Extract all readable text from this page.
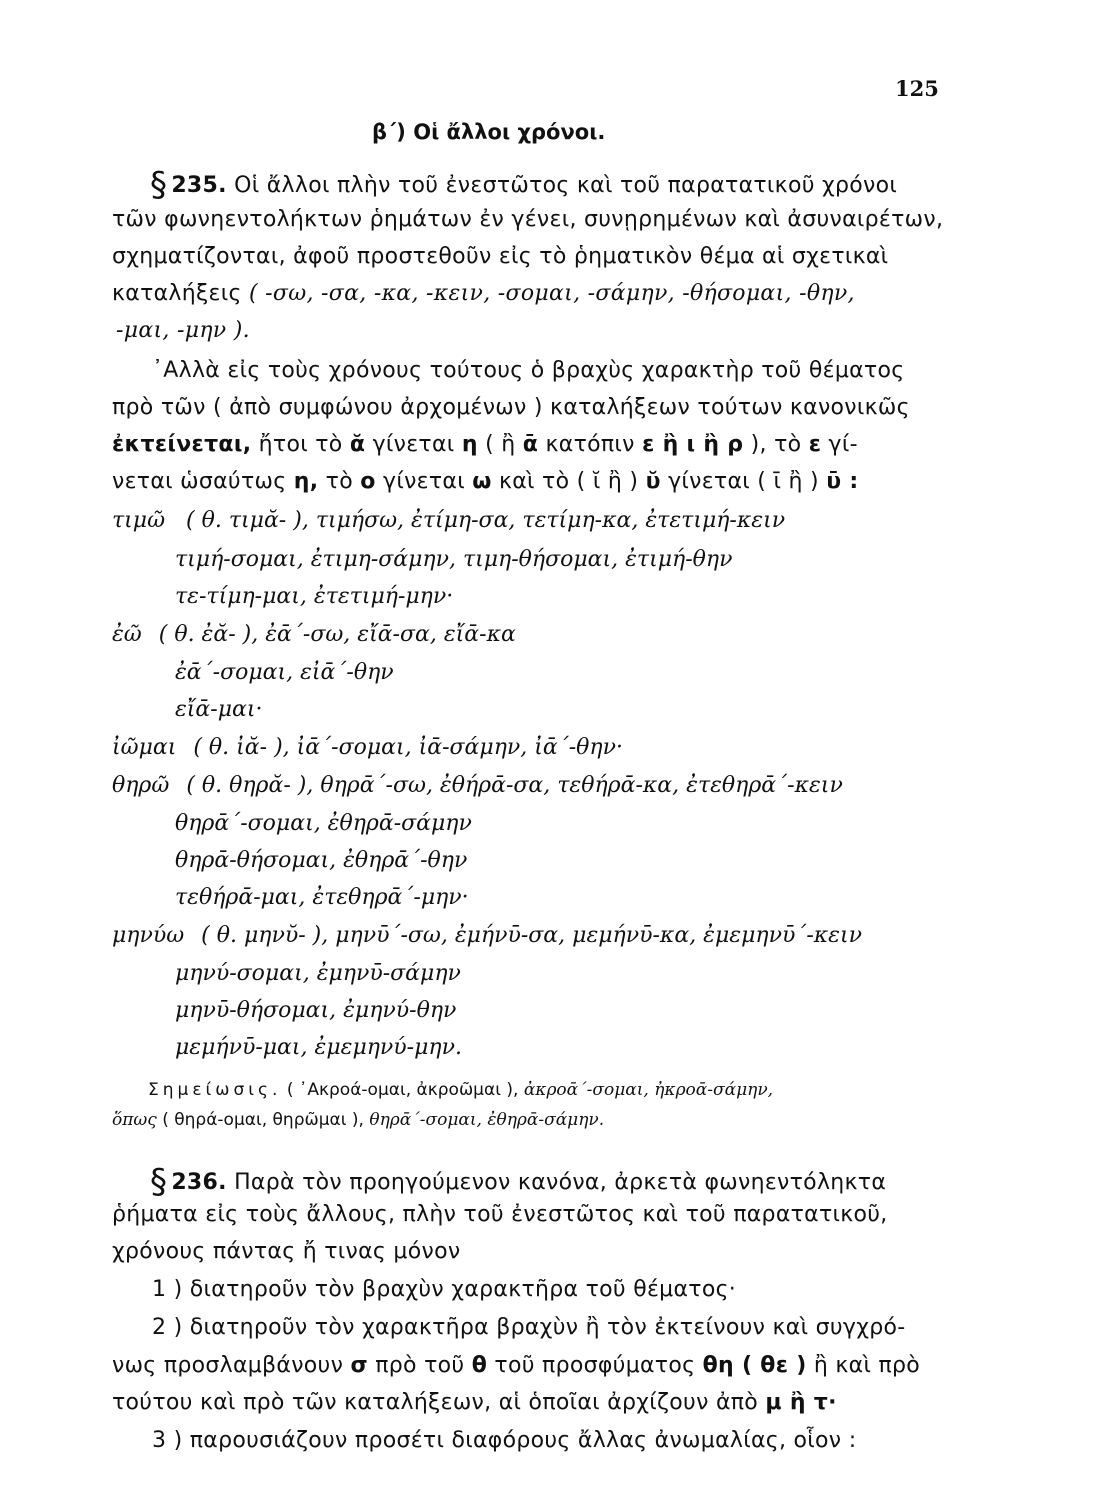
125
β΄) Οἱ ἄλλοι χρόνοι.
§ 235. Οἱ ἄλλοι πλὴν τοῦ ἐνεστῶτος καὶ τοῦ παρατατικοῦ χρόνοι
τῶν φωνηεντολήκτων ῥημάτων ἐν γένει, συνῃρημένων καὶ ἀσυναιρέτων,
σχηματίζονται, ἀφοῦ προστεθοῦν εἰς τὸ ῥηματικὸν θέμα αἱ σχετικαὶ
καταλήξεις ( -σω, -σα, -κα, -κειν, -σομαι, -σάμην, -θήσομαι, -θην,
-μαι, -μην ).
᾿Αλλὰ εἰς τοὺς χρόνους τούτους ὁ βραχὺς χαρακτὴρ τοῦ θέματος
πρὸ τῶν ( ἀπὸ συμφώνου ἀρχομένων ) καταλήξεων τούτων κανονικῶς
ἐκτείνεται, ἤτοι τὸ ᾰ γίνεται η ( ἢ ᾱ κατόπιν ε ἢ ι ἢ ρ ), τὸ ε γί-
νεται ὡσαύτως η, τὸ ο γίνεται ω καὶ τὸ ( ῐ ἢ ) ῠ γίνεται ( ῑ ἢ ) ῡ :
τιμῶ ( θ. τιμᾰ- ), τιμήσω, ἐτίμη-σα, τετίμη-κα, ἐτετιμή-κειν
τιμή-σομαι, ἐτιμη-σάμην, τιμη-θήσομαι, ἐτιμή-θην
τε-τίμη-μαι, ἐτετιμή-μην·
ἐῶ ( θ. ἐᾰ- ), ἐᾱ΄-σω, εἴᾱ-σα, εἴᾱ-κα
ἐᾱ΄-σομαι, εἰᾱ΄-θην
εἴᾱ-μαι·
ἰῶμαι ( θ. ἰᾰ- ), ἰᾱ΄-σομαι, ἰᾱ-σάμην, ἰᾱ΄-θην·
θηρῶ ( θ. θηρᾰ- ), θηρᾱ΄-σω, ἐθήρᾱ-σα, τεθήρᾱ-κα, ἐτεθηρᾱ΄-κειν
θηρᾱ΄-σομαι, ἐθηρᾱ-σάμην
θηρᾱ-θήσομαι, ἐθηρᾱ΄-θην
τεθήρᾱ-μαι, ἐτεθηρᾱ΄-μην·
μηνύω ( θ. μηνῠ- ), μηνῡ΄-σω, ἐμήνῡ-σα, μεμήνῡ-κα, ἐμεμηνῡ΄-κειν
μηνύ-σομαι, ἐμηνῡ-σάμην
μηνῡ-θήσομαι, ἐμηνύ-θην
μεμήνῡ-μαι, ἐμεμηνύ-μην.
Σημείωσις. ( ᾽Ακροά-ομαι, ἀκροῶμαι ), ἀκροᾱ΄-σομαι, ἠκροᾱ-σάμην,
ὅπως ( θηρά-ομαι, θηρῶμαι ), θηρᾱ΄-σομαι, ἐθηρᾱ-σάμην.
§ 236. Παρὰ τὸν προηγούμενον κανόνα, ἀρκετὰ φωνηεντόληκτα
ῥήματα εἰς τοὺς ἄλλους, πλὴν τοῦ ἐνεστῶτος καὶ τοῦ παρατατικοῦ,
χρόνους πάντας ἤ τινας μόνον
1 ) διατηροῦν τὸν βραχὺν χαρακτῆρα τοῦ θέματος·
2 ) διατηροῦν τὸν χαρακτῆρα βραχὺν ἢ τὸν ἐκτείνουν καὶ συγχρό-
νως προσλαμβάνουν σ πρὸ τοῦ θ τοῦ προσφύματος θη ( θε ) ἢ καὶ πρὸ
τούτου καὶ πρὸ τῶν καταλήξεων, αἱ ὁποῖαι ἀρχίζουν ἀπὸ μ ἢ τ·
3 ) παρουσιάζουν προσέτι διαφόρους ἄλλας ἀνωμαλίας, οἷον :
